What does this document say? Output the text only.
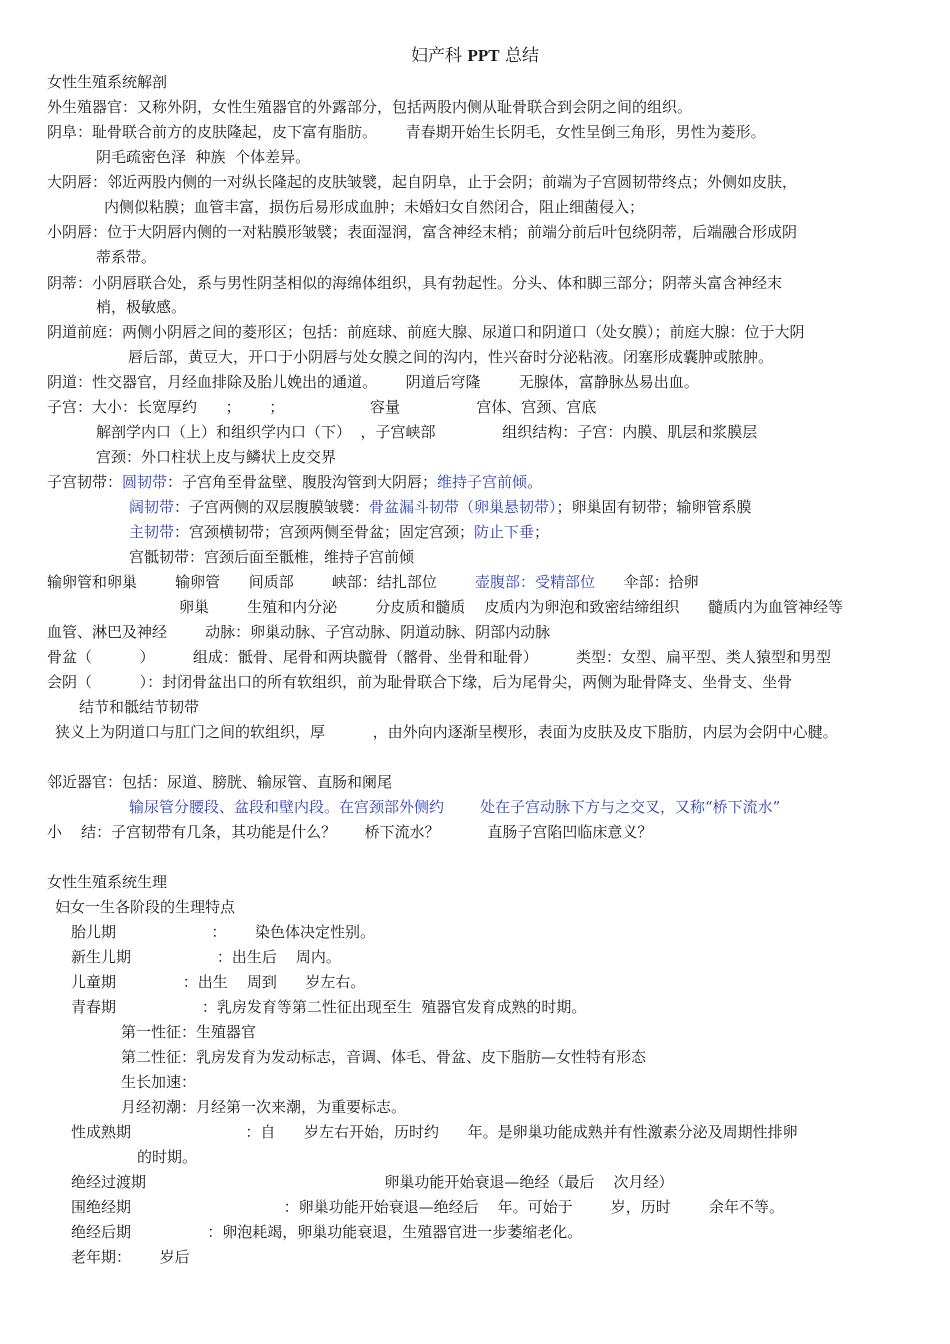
妇产科 PPT 总结
女性生殖系统解剖
外生殖器官：又称外阴，女性生殖器官的外露部分，包括两股内侧从耻骨联合到会阴之间的组织。
阴阜：耻骨联合前方的皮肤隆起，皮下富有脂肪。      青春期开始生长阴毛，女性呈倒三角形，男性为菱形。
阴毛疏密色泽  种族  个体差异。
大阴唇：邻近两股内侧的一对纵长隆起的皮肤皱襞，起自阴阜，止于会阴；前端为子宫圆韧带终点；外侧如皮肤，
内侧似粘膜；血管丰富，损伤后易形成血肿；未婚妇女自然闭合，阻止细菌侵入；
小阴唇：位于大阴唇内侧的一对粘膜形皱襞；表面湿润，富含神经末梢；前端分前后叶包绕阴蒂，后端融合形成阴
蒂系带。
阴蒂：小阴唇联合处，系与男性阴茎相似的海绵体组织，具有勃起性。分头、体和脚三部分；阴蒂头富含神经末
梢，极敏感。
阴道前庭：两侧小阴唇之间的菱形区；包括：前庭球、前庭大腺、尿道口和阴道口（处女膜）；前庭大腺：位于大阴
唇后部，黄豆大，开口于小阴唇与处女膜之间的沟内，性兴奋时分泌粘液。闭塞形成囊肿或脓肿。
阴道：性交器官，月经血排除及胎儿娩出的通道。      阴道后穹隆        无腺体，富静脉丛易出血。
子宫：大小：长宽厚约      ；      ；                  容量                宫体、宫颈、宫底
解剖学内口（上）和组织学内口（下）  ，子宫峡部              组织结构：子宫：内膜、肌层和浆膜层
宫颈：外口柱状上皮与鳞状上皮交界
子宫韧带：圆韧带：子宫角至骨盆壁、腹股沟管到大阴唇；维持子宫前倾。
阔韧带：子宫两侧的双层腹膜皱襞：骨盆漏斗韧带（卵巢悬韧带）；卵巢固有韧带；输卵管系膜
主韧带：宫颈横韧带；宫颈两侧至骨盆；固定宫颈；防止下垂；
宫骶韧带：宫颈后面至骶椎，维持子宫前倾
输卵管和卵巢        输卵管      间质部        峡部：结扎部位        壶腹部：受精部位      伞部：拾卵
卵巢        生殖和内分泌        分皮质和髓质    皮质内为卵泡和致密结缔组织      髓质内为血管神经等
血管、淋巴及神经        动脉：卵巢动脉、子宫动脉、阴道动脉、阴部内动脉
骨盆（          ）        组成：骶骨、尾骨和两块髋骨（髂骨、坐骨和耻骨）        类型：女型、扁平型、类人猿型和男型
会阴（          ）：封闭骨盆出口的所有软组织，前为耻骨联合下缘，后为尾骨尖，两侧为耻骨降支、坐骨支、坐骨
结节和骶结节韧带
狭义上为阴道口与肛门之间的软组织，厚          ，由外向内逐渐呈楔形，表面为皮肤及皮下脂肪，内层为会阴中心腱。
邻近器官：包括：尿道、膀胱、输尿管、直肠和阑尾
输尿管分腰段、盆段和壁内段。在宫颈部外侧约 处在子宫动脉下方与之交叉，又称“桥下流水”
小    结：子宫韧带有几条，其功能是什么？      桥下流水？          直肠子宫陷凹临床意义？
女性生殖系统生理
妇女一生各阶段的生理特点
胎儿期                    ：      染色体决定性别。
新生儿期                  ：出生后    周内。
儿童期              ：出生    周到      岁左右。
青春期                  ：乳房发育等第二性征出现至生  殖器官发育成熟的时期。
第一性征：生殖器官
第二性征：乳房发育为发动标志，音调、体毛、骨盆、皮下脂肪—女性特有形态
生长加速：
月经初潮：月经第一次来潮，为重要标志。
性成熟期                        ：自      岁左右开始，历时约      年。是卵巢功能成熟并有性激素分泌及周期性排卵
的时期。
绝经过渡期                                                  卵巢功能开始衰退—绝经（最后    次月经）
围绝经期                                ：卵巢功能开始衰退—绝经后    年。可始于        岁，历时        余年不等。
绝经后期                ：卵泡耗竭，卵巢功能衰退，生殖器官进一步萎缩老化。
老年期：      岁后
